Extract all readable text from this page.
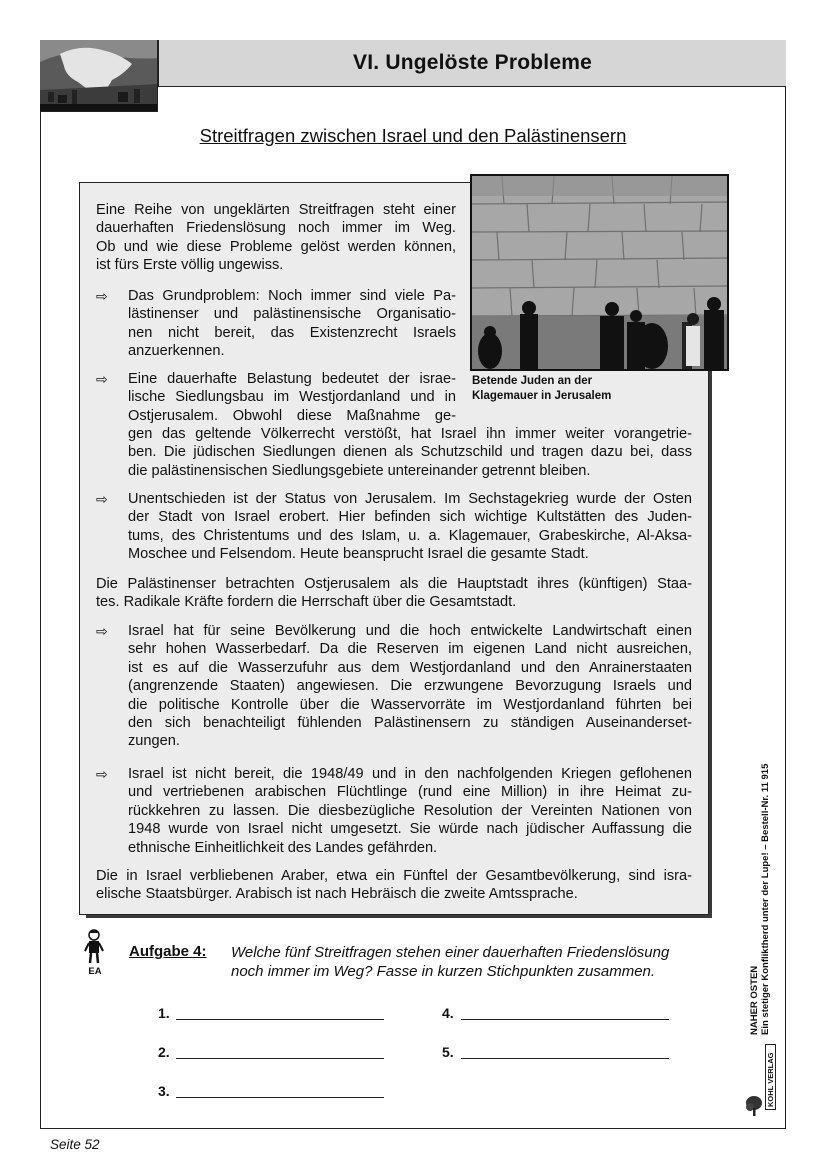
VI. Ungelöste Probleme
Streitfragen zwischen Israel und den Palästinensern
Betende Juden an der
Klagemauer in Jerusalem
Eine Reihe von ungeklärten Streitfragen steht einer
dauerhaften Friedenslösung noch immer im Weg.
Ob und wie diese Probleme gelöst werden können,
ist fürs Erste völlig ungewiss.
⇨ Das Grundproblem: Noch immer sind viele Pa-
lästinenser und palästinensische Organisatio-
nen nicht bereit, das Existenzrecht Israels
anzuerkennen.
⇨ Eine dauerhafte Belastung bedeutet der israe-
lische Siedlungsbau im Westjordanland und in
Ostjerusalem. Obwohl diese Maßnahme ge-
gen das geltende Völkerrecht verstößt, hat Israel ihn immer weiter vorangetrie-
ben. Die jüdischen Siedlungen dienen als Schutzschild und tragen dazu bei, dass
die palästinensischen Siedlungsgebiete untereinander getrennt bleiben.
⇨ Unentschieden ist der Status von Jerusalem. Im Sechstagekrieg wurde der Osten
der Stadt von Israel erobert. Hier befinden sich wichtige Kultstätten des Juden-
tums, des Christentums und des Islam, u. a. Klagemauer, Grabeskirche, Al-Aksa-
Moschee und Felsendom. Heute beansprucht Israel die gesamte Stadt.
Die Palästinenser betrachten Ostjerusalem als die Hauptstadt ihres (künftigen) Staa-
tes. Radikale Kräfte fordern die Herrschaft über die Gesamtstadt.
⇨ Israel hat für seine Bevölkerung und die hoch entwickelte Landwirtschaft einen
sehr hohen Wasserbedarf. Da die Reserven im eigenen Land nicht ausreichen,
ist es auf die Wasserzufuhr aus dem Westjordanland und den Anrainerstaaten
(angrenzende Staaten) angewiesen. Die erzwungene Bevorzugung Israels und
die politische Kontrolle über die Wasservorräte im Westjordanland führten bei
den sich benachteiligt fühlenden Palästinensern zu ständigen Auseinanderset-
zungen.
⇨ Israel ist nicht bereit, die 1948/49 und in den nachfolgenden Kriegen geflohenen
und vertriebenen arabischen Flüchtlinge (rund eine Million) in ihre Heimat zu-
rückkehren zu lassen. Die diesbezügliche Resolution der Vereinten Nationen von
1948 wurde von Israel nicht umgesetzt. Sie würde nach jüdischer Auffassung die
ethnische Einheitlichkeit des Landes gefährden.
Die in Israel verbliebenen Araber, etwa ein Fünftel der Gesamtbevölkerung, sind isra-
elische Staatsbürger. Arabisch ist nach Hebräisch die zweite Amtssprache.
EA
Aufgabe 4: Welche fünf Streitfragen stehen einer dauerhaften Friedenslösung
noch immer im Weg? Fasse in kurzen Stichpunkten zusammen.
1.
2.
3.
4.
5.
NAHER OSTEN Ein stetiger Konfliktherd unter der Lupe! – Bestell-Nr. 11 915
KOHL VERLAG
Seite 52
